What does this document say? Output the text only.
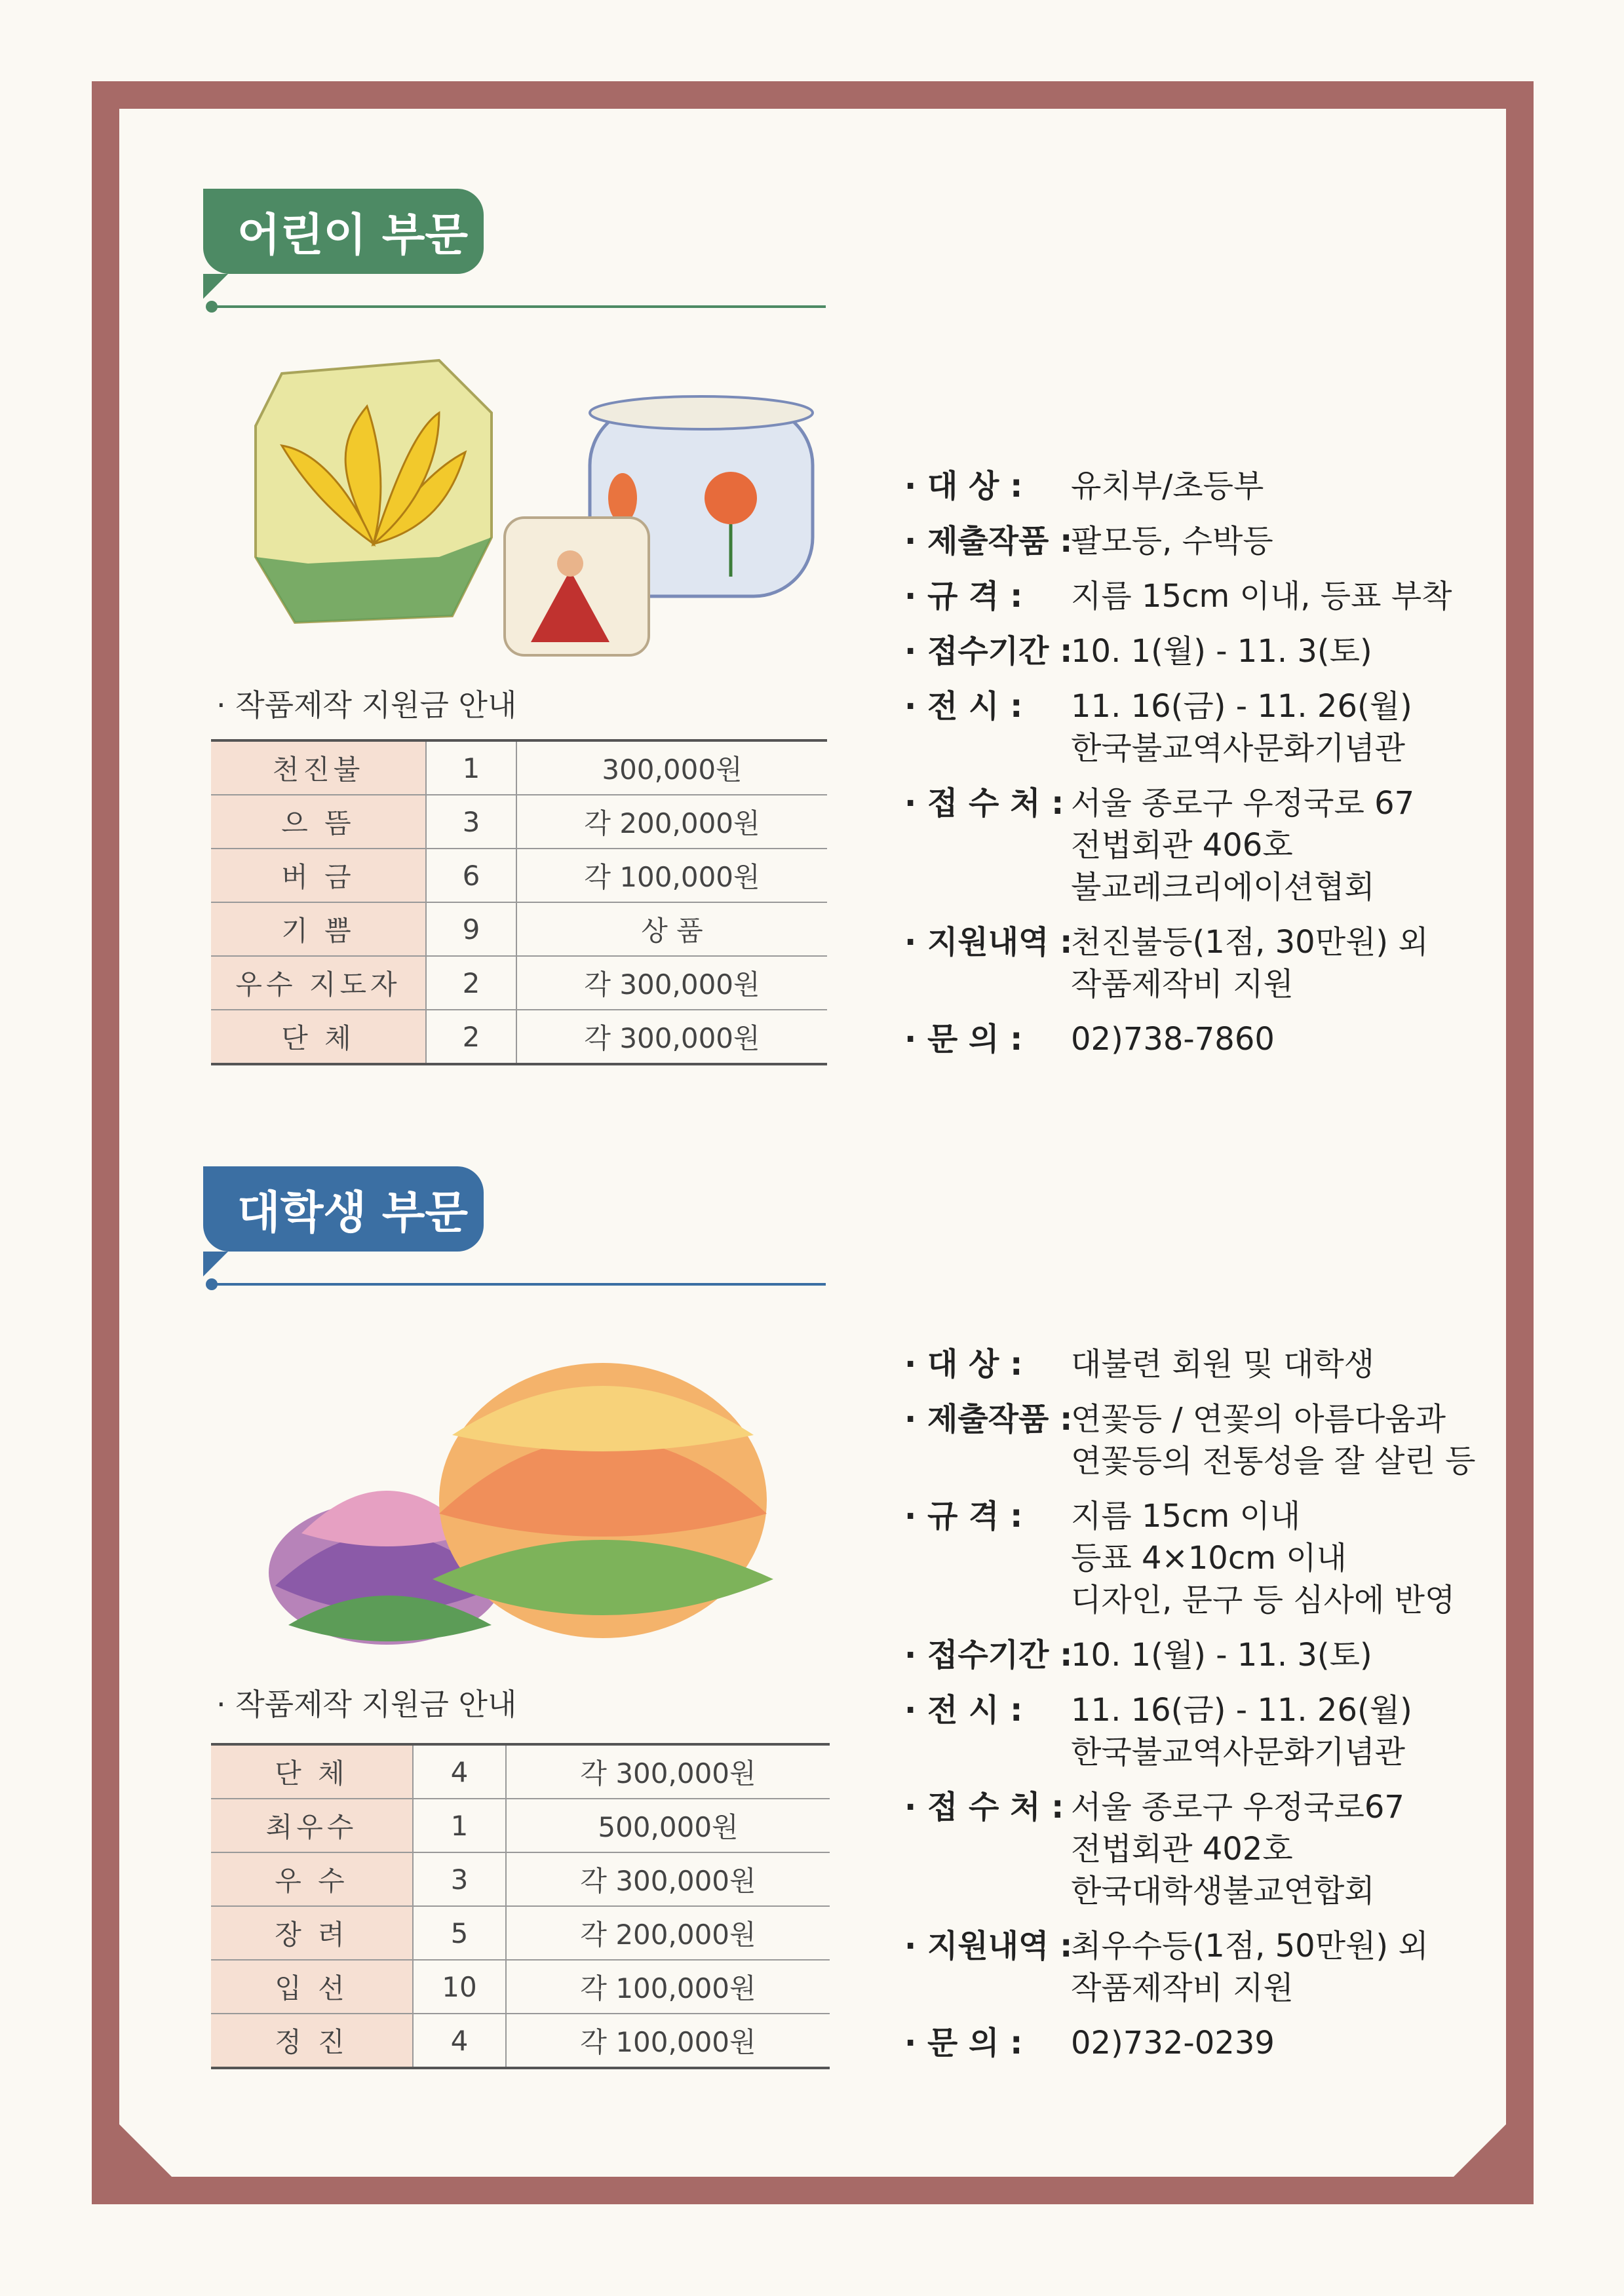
어린이 부문
· 작품제작 지원금 안내
천진불	1	300,000원
으 뜸	3	각 200,000원
버 금	6	각 100,000원
기 쁨	9	상 품
우수 지도자	2	각 300,000원
단 체	2	각 300,000원
· 대 상 : 유치부/초등부
· 제출작품 :
팔모등, 수박등
· 규 격 : 지름 15cm 이내, 등표 부착
· 접수기간 :
10. 1(월) - 11. 3(토)
· 전 시 : 11. 16(금) - 11. 26(월)
한국불교역사문화기념관
· 접 수 처 : 서울 종로구 우정국로 67
전법회관 406호
불교레크리에이션협회
· 지원내역 :
천진불등(1점, 30만원) 외
작품제작비 지원
· 문 의 : 02)738-7860
대학생 부문
· 작품제작 지원금 안내
단 체	4	각 300,000원
최우수	1	500,000원
우 수	3	각 300,000원
장 려	5	각 200,000원
입 선	10	각 100,000원
정 진	4	각 100,000원
· 대 상 : 대불련 회원 및 대학생
· 제출작품 :
연꽃등 / 연꽃의 아름다움과
연꽃등의 전통성을 잘 살린 등
· 규 격 : 지름 15cm 이내
등표 4×10cm 이내
디자인, 문구 등 심사에 반영
· 접수기간 :
10. 1(월) - 11. 3(토)
· 전 시 : 11. 16(금) - 11. 26(월)
한국불교역사문화기념관
· 접 수 처 : 서울 종로구 우정국로67
전법회관 402호
한국대학생불교연합회
· 지원내역 :
최우수등(1점, 50만원) 외
작품제작비 지원
· 문 의 : 02)732-0239
